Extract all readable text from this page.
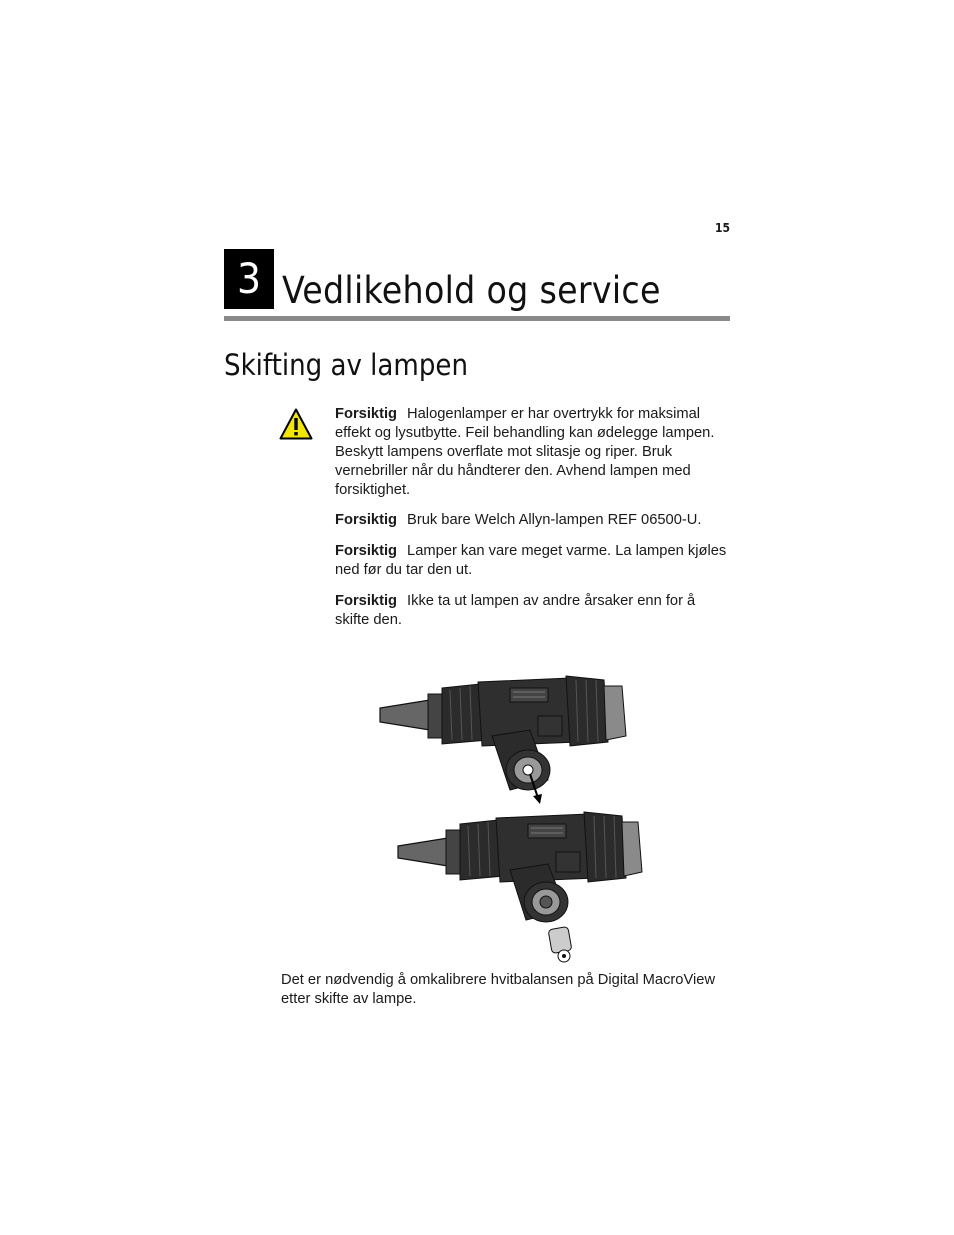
15
3 Vedlikehold og service
Skifting av lampen
Forsiktig Halogenlamper er har overtrykk for maksimal effekt og lysutbytte. Feil behandling kan ødelegge lampen. Beskytt lampens overflate mot slitasje og riper. Bruk vernebriller når du håndterer den. Avhend lampen med forsiktighet.
Forsiktig Bruk bare Welch Allyn-lampen REF 06500-U.
Forsiktig Lamper kan vare meget varme. La lampen kjøles ned før du tar den ut.
Forsiktig Ikke ta ut lampen av andre årsaker enn for å skifte den.
Det er nødvendig å omkalibrere hvitbalansen på Digital MacroView etter skifte av lampe.
